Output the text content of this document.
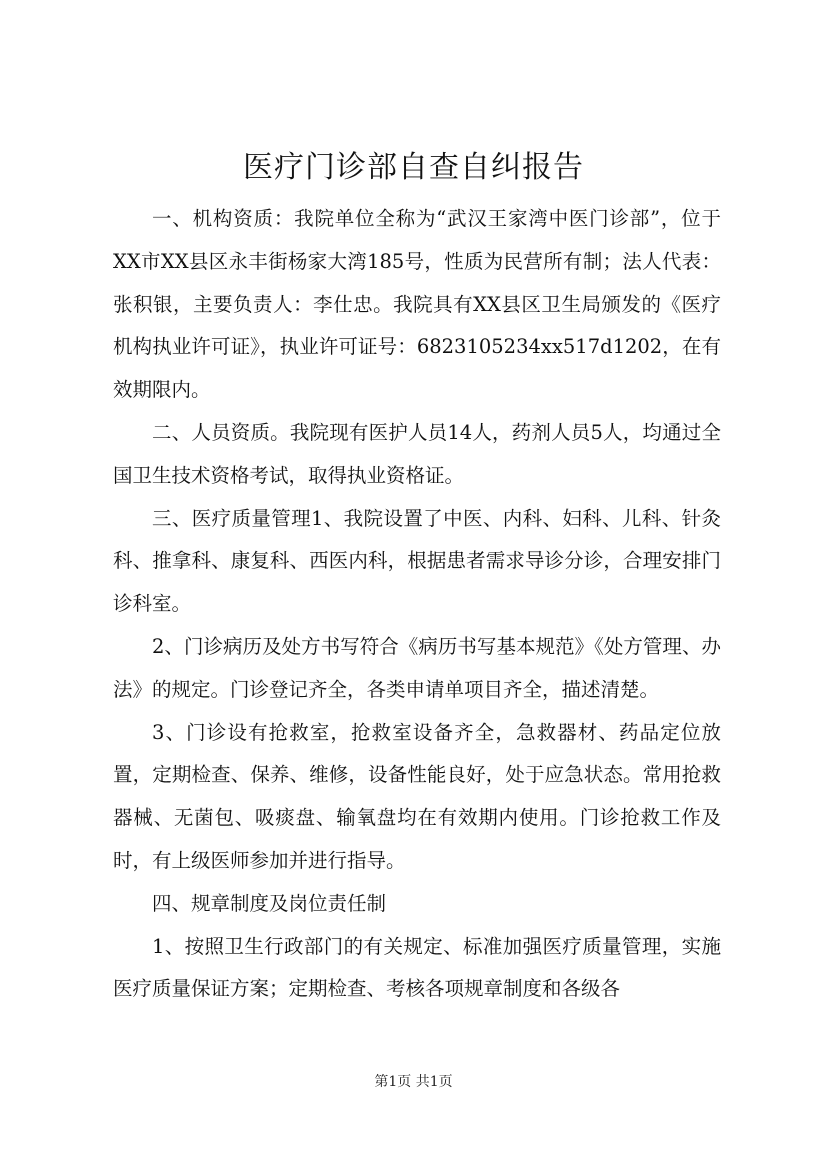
医疗门诊部自查自纠报告

一、机构资质：我院单位全称为“武汉王家湾中医门诊部”，位于XX市XX县区永丰街杨家大湾185号，性质为民营所有制；法人代表：张积银，主要负责人：李仕忠。我院具有XX县区卫生局颁发的《医疗机构执业许可证》，执业许可证号：6823105234xx517d1202，在有效期限内。

二、人员资质。我院现有医护人员14人，药剂人员5人，均通过全国卫生技术资格考试，取得执业资格证。

三、医疗质量管理1、我院设置了中医、内科、妇科、儿科、针灸科、推拿科、康复科、西医内科，根据患者需求导诊分诊，合理安排门诊科室。

2、门诊病历及处方书写符合《病历书写基本规范》《处方管理、办法》的规定。门诊登记齐全，各类申请单项目齐全，描述清楚。

3、门诊设有抢救室，抢救室设备齐全，急救器材、药品定位放置，定期检查、保养、维修，设备性能良好，处于应急状态。常用抢救器械、无菌包、吸痰盘、输氧盘均在有效期内使用。门诊抢救工作及时，有上级医师参加并进行指导。

四、规章制度及岗位责任制

1、按照卫生行政部门的有关规定、标准加强医疗质量管理，实施医疗质量保证方案；定期检查、考核各项规章制度和各级各

第1页 共1页
